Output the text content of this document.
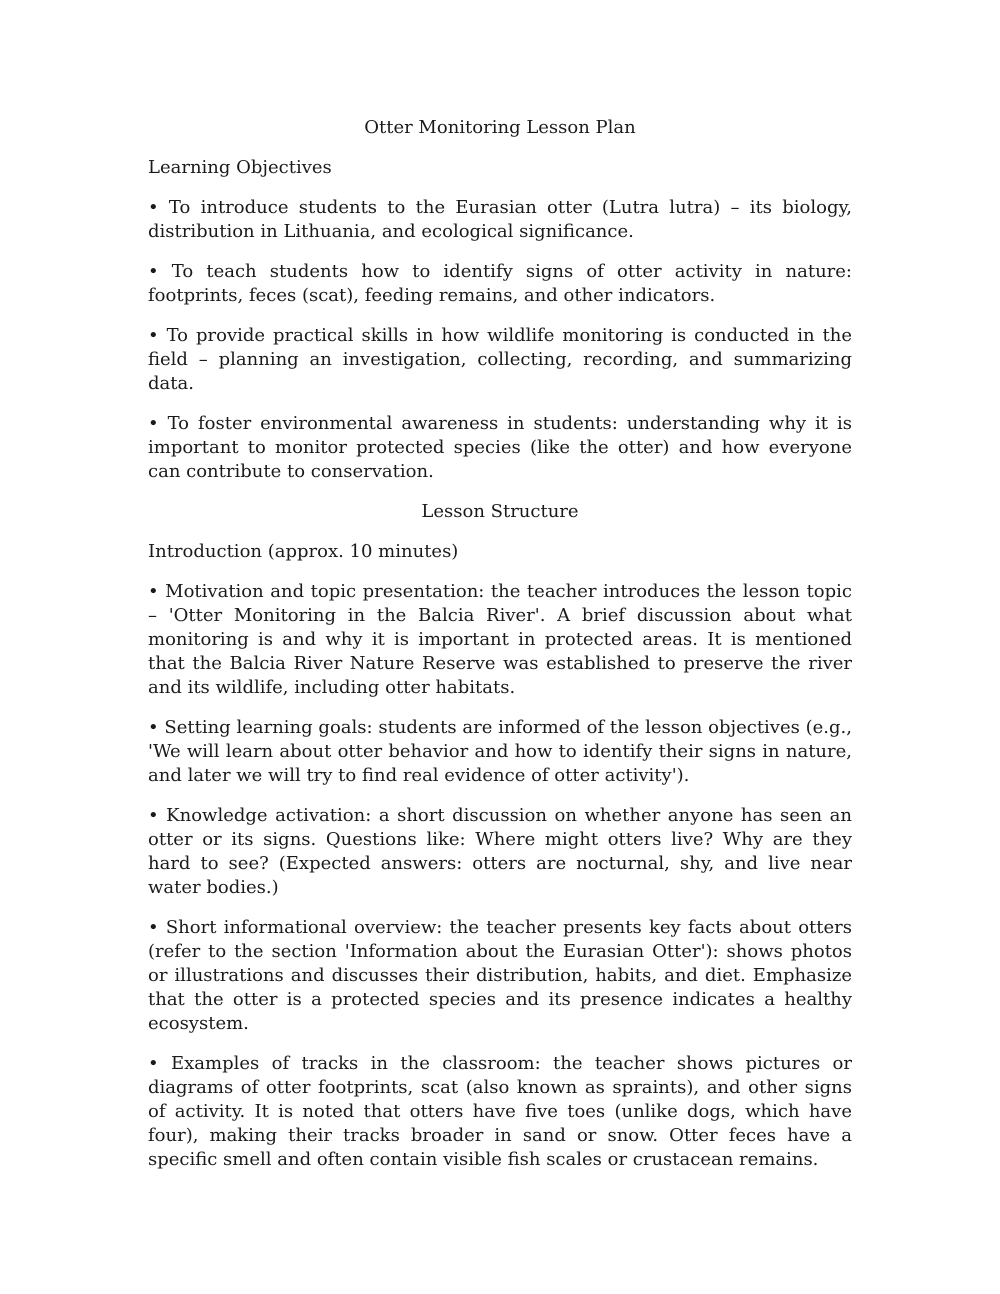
Otter Monitoring Lesson Plan
Learning Objectives

• To introduce students to the Eurasian otter (Lutra lutra) – its biology, distribution in Lithuania, and ecological significance.

• To teach students how to identify signs of otter activity in nature: footprints, feces (scat), feeding remains, and other indicators.

• To provide practical skills in how wildlife monitoring is conducted in the field – planning an investigation, collecting, recording, and summarizing data.

• To foster environmental awareness in students: understanding why it is important to monitor protected species (like the otter) and how everyone can contribute to conservation.

Lesson Structure
Introduction (approx. 10 minutes)

• Motivation and topic presentation: the teacher introduces the lesson topic – 'Otter Monitoring in the Balcia River'. A brief discussion about what monitoring is and why it is important in protected areas. It is mentioned that the Balcia River Nature Reserve was established to preserve the river and its wildlife, including otter habitats.

• Setting learning goals: students are informed of the lesson objectives (e.g., 'We will learn about otter behavior and how to identify their signs in nature, and later we will try to find real evidence of otter activity').

• Knowledge activation: a short discussion on whether anyone has seen an otter or its signs. Questions like: Where might otters live? Why are they hard to see? (Expected answers: otters are nocturnal, shy, and live near water bodies.)

• Short informational overview: the teacher presents key facts about otters (refer to the section 'Information about the Eurasian Otter'): shows photos or illustrations and discusses their distribution, habits, and diet. Emphasize that the otter is a protected species and its presence indicates a healthy ecosystem.

• Examples of tracks in the classroom: the teacher shows pictures or diagrams of otter footprints, scat (also known as spraints), and other signs of activity. It is noted that otters have five toes (unlike dogs, which have four), making their tracks broader in sand or snow. Otter feces have a specific smell and often contain visible fish scales or crustacean remains.
